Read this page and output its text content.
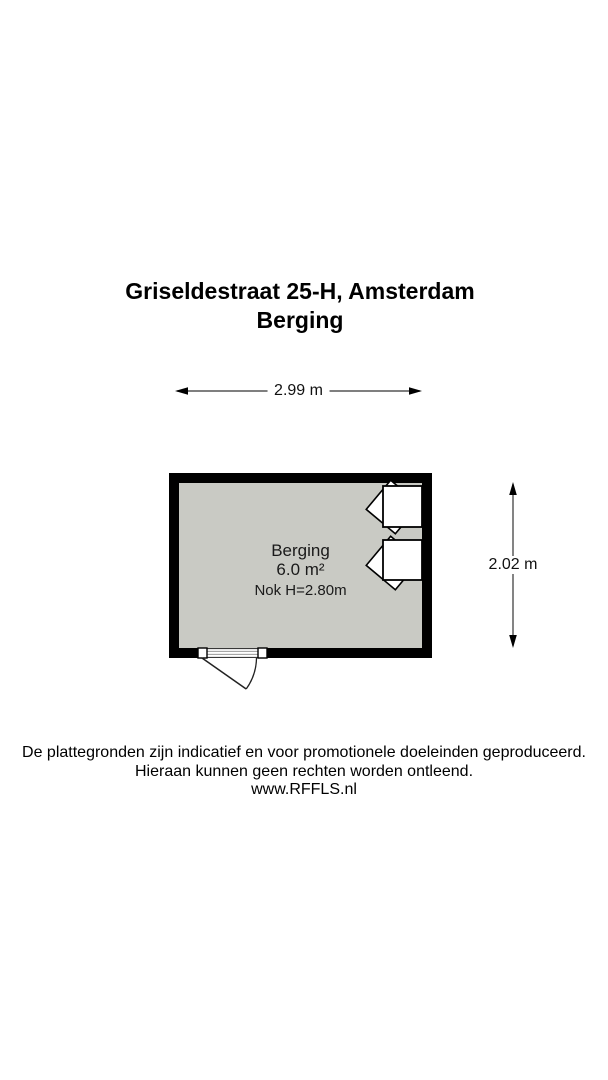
Griseldestraat 25-H, Amsterdam
Berging
2.99 m
2.02 m
Berging
6.0 m²
Nok H=2.80m
De plattegronden zijn indicatief en voor promotionele doeleinden geproduceerd.
Hieraan kunnen geen rechten worden ontleend.
www.RFFLS.nl
